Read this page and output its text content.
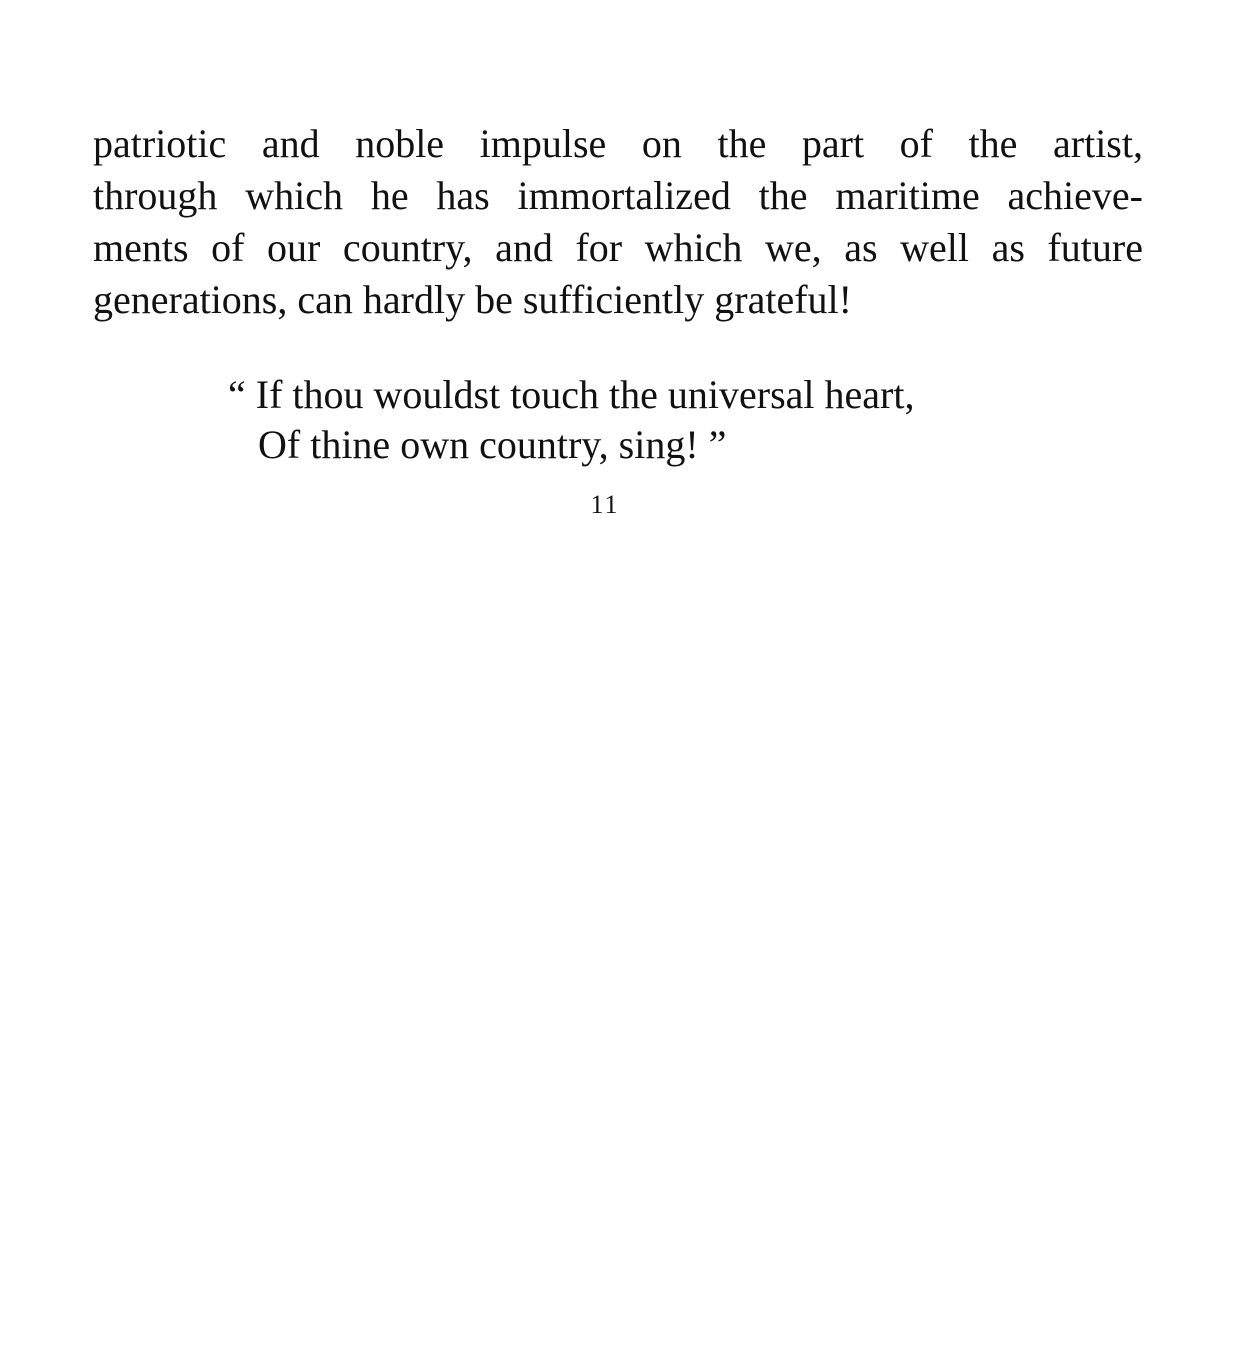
patriotic and noble impulse on the part of the artist,
through which he has immortalized the maritime achieve-
ments of our country, and for which we, as well as future
generations, can hardly be sufficiently grateful!
“ If thou wouldst touch the universal heart,
Of thine own country, sing! ”
11
